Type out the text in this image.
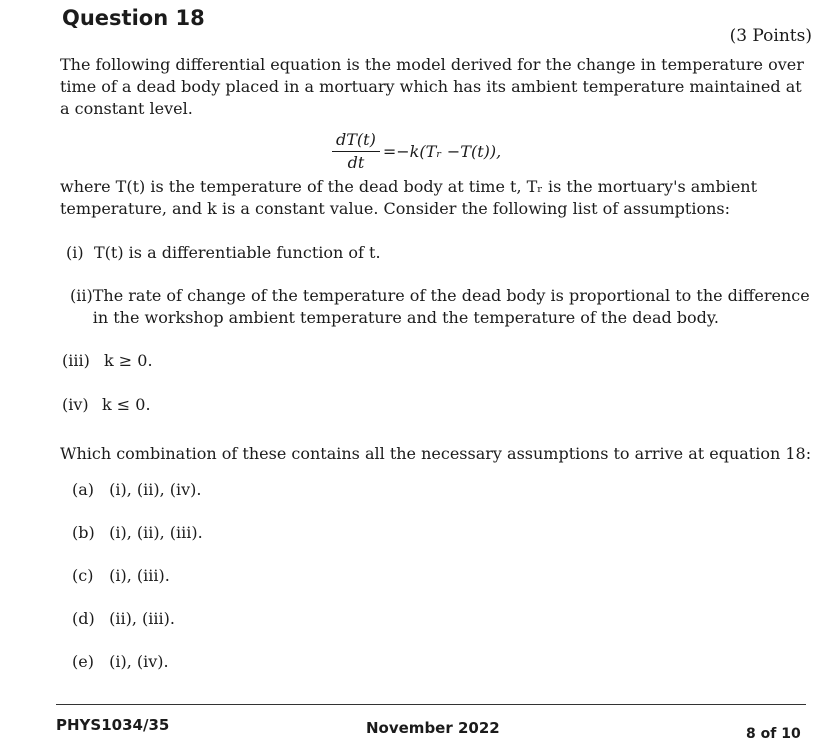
Question 18
(3 Points)
The following differential equation is the model derived for the change in temperature over time of a dead body placed in a mortuary which has its ambient temperature maintained at a constant level.
$\frac{dT(t)}{dt}$ =−k(Tᵣ −T(t)),
where T(t) is the temperature of the dead body at time t, Tᵣ is the mortuary's ambient temperature, and k is a constant value. Consider the following list of assumptions:
(i) T(t) is a differentiable function of t.
(ii) The rate of change of the temperature of the dead body is proportional to the difference in the workshop ambient temperature and the temperature of the dead body.
(iii) k ≥ 0.
(iv) k ≤ 0.
Which combination of these contains all the necessary assumptions to arrive at equation 18:
(a) (i), (ii), (iv).
(b) (i), (ii), (iii).
(c) (i), (iii).
(d) (ii), (iii).
(e) (i), (iv).
PHYS1034/35	November 2022	8 of 10
